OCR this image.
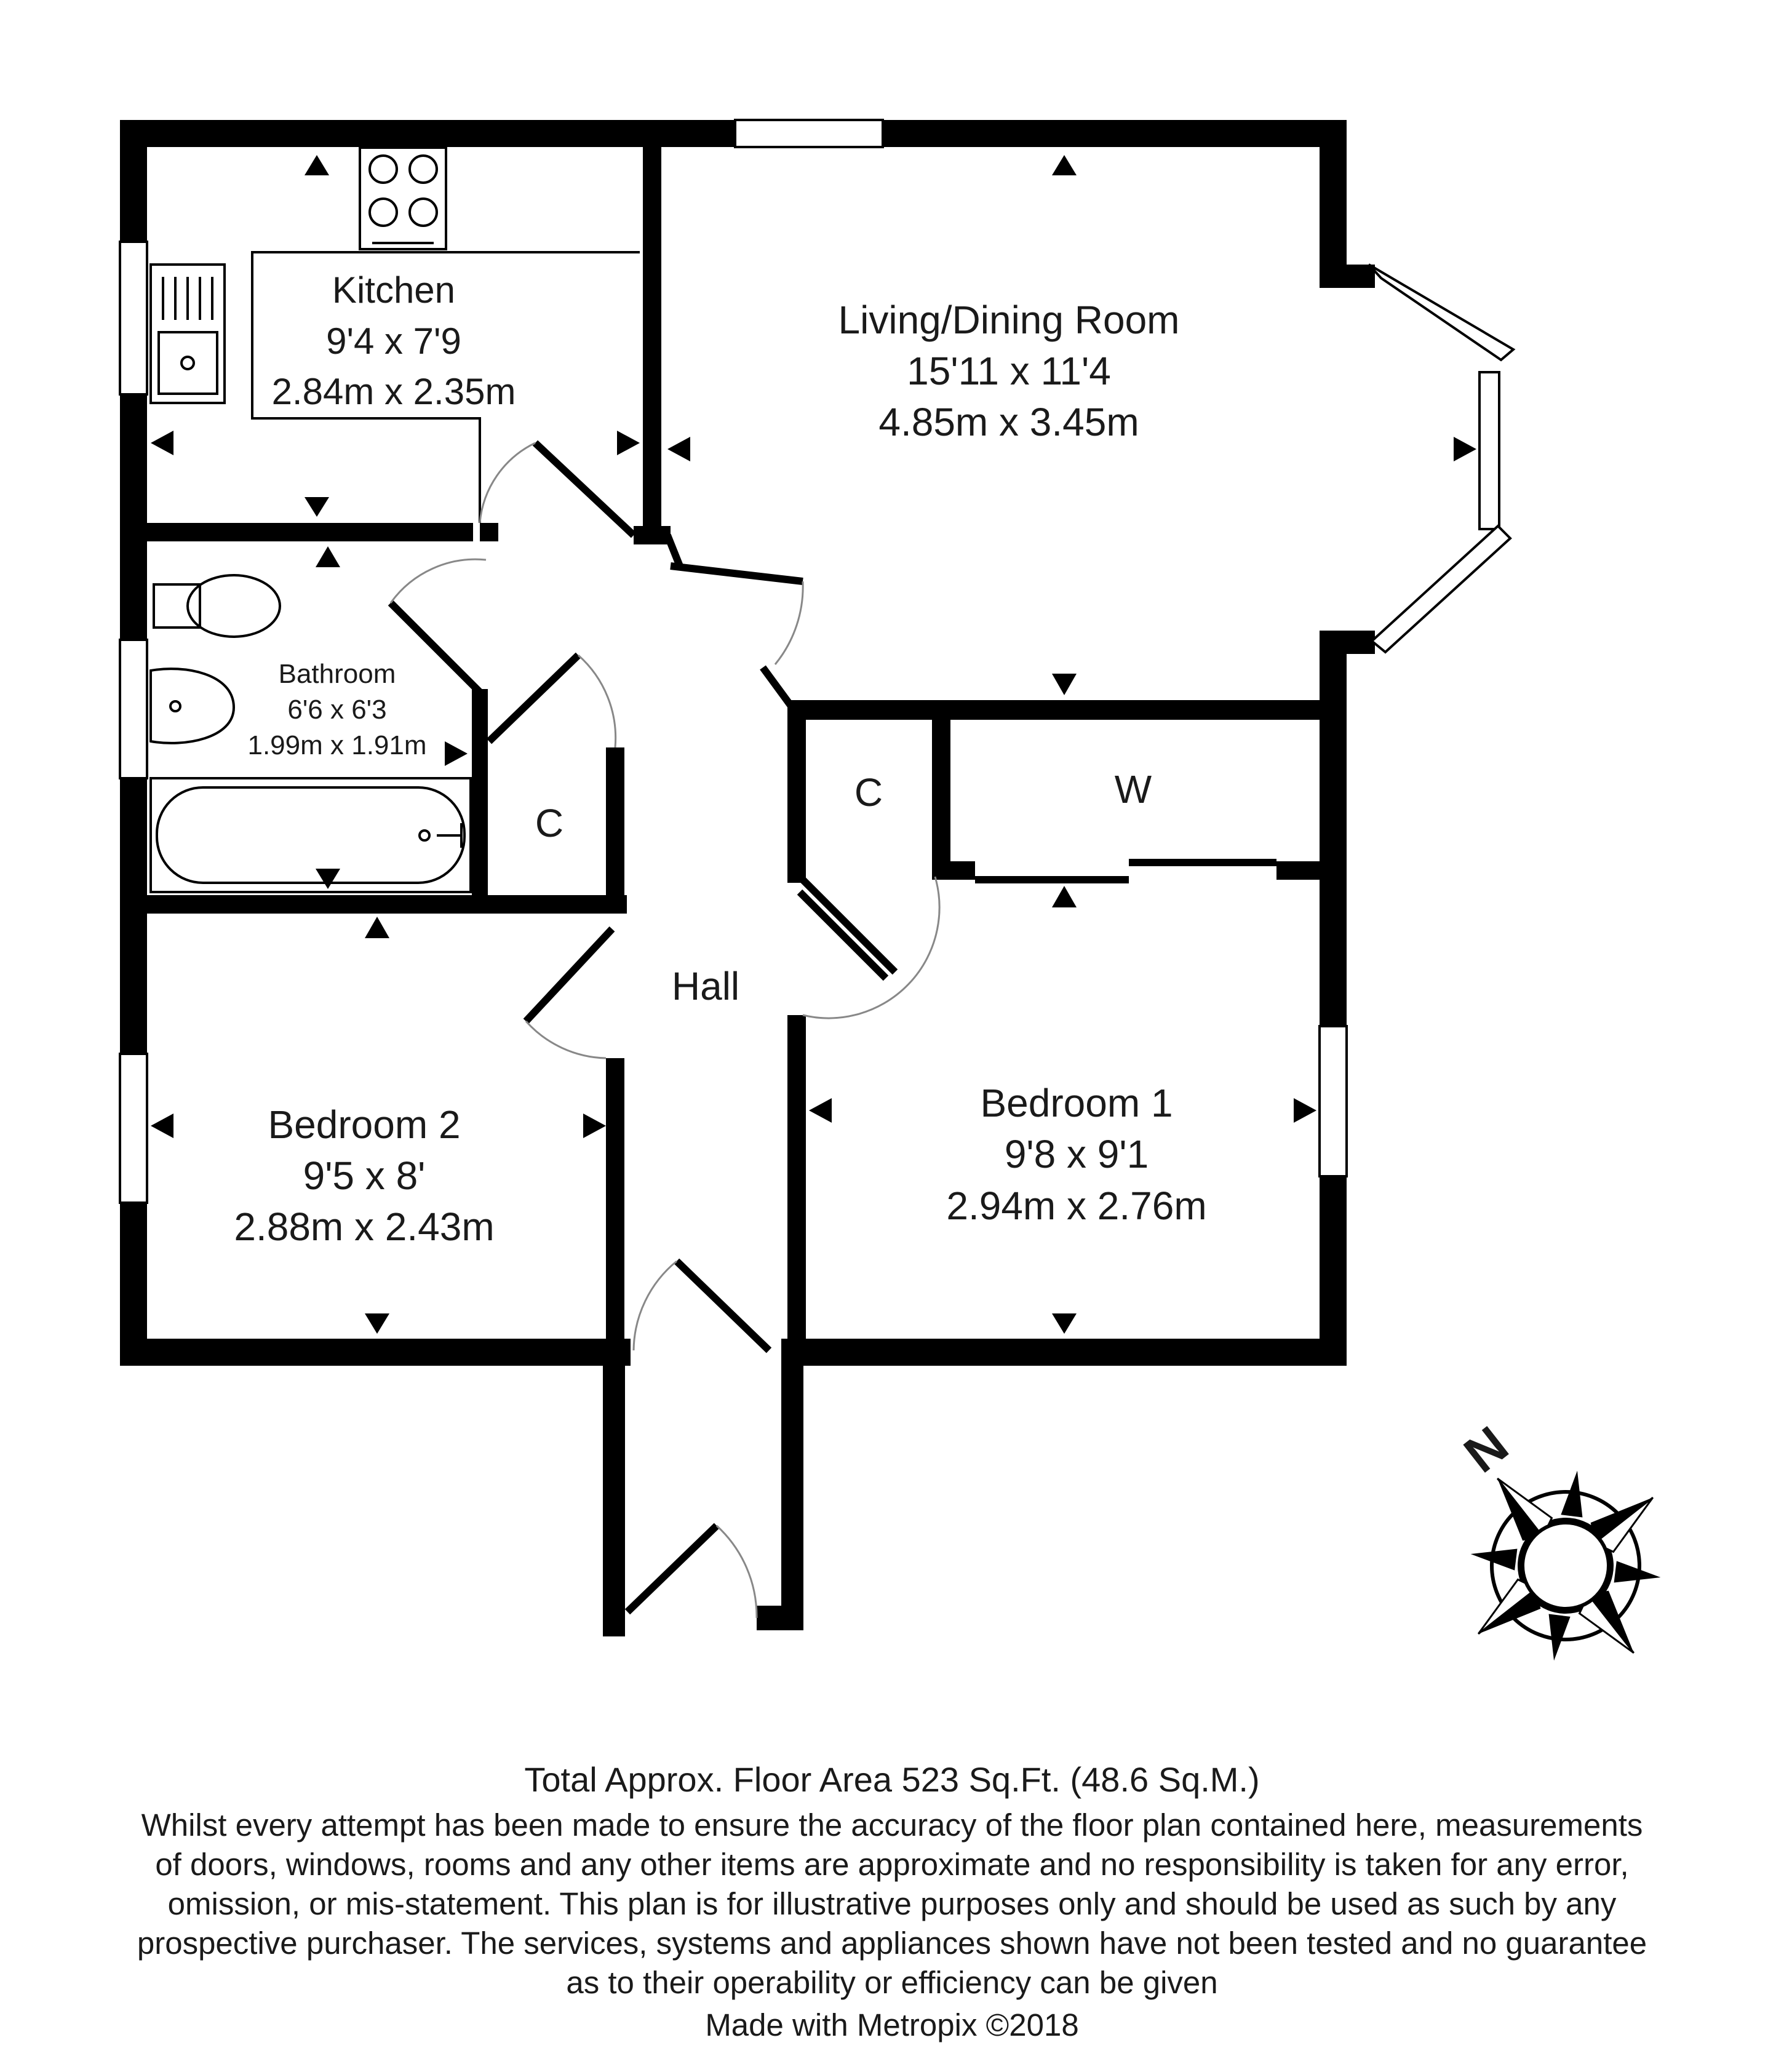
Kitchen
9'4 x 7'9
2.84m x 2.35m
Living/Dining Room
15'11 x 11'4
4.85m x 3.45m
Bathroom
6'6 x 6'3
1.99m x 1.91m
Bedroom 1
9'8 x 9'1
2.94m x 2.76m
Bedroom 2
9'5 x 8'
2.88m x 2.43m
Hall
C
C	W
N
Total Approx. Floor Area 523 Sq.Ft. (48.6 Sq.M.)
Whilst every attempt has been made to ensure the accuracy of the floor plan contained here, measurements
of doors, windows, rooms and any other items are approximate and no responsibility is taken for any error,
omission, or mis-statement. This plan is for illustrative purposes only and should be used as such by any
prospective purchaser. The services, systems and appliances shown have not been tested and no guarantee
as to their operability or efficiency can be given
Made with Metropix ©2018
